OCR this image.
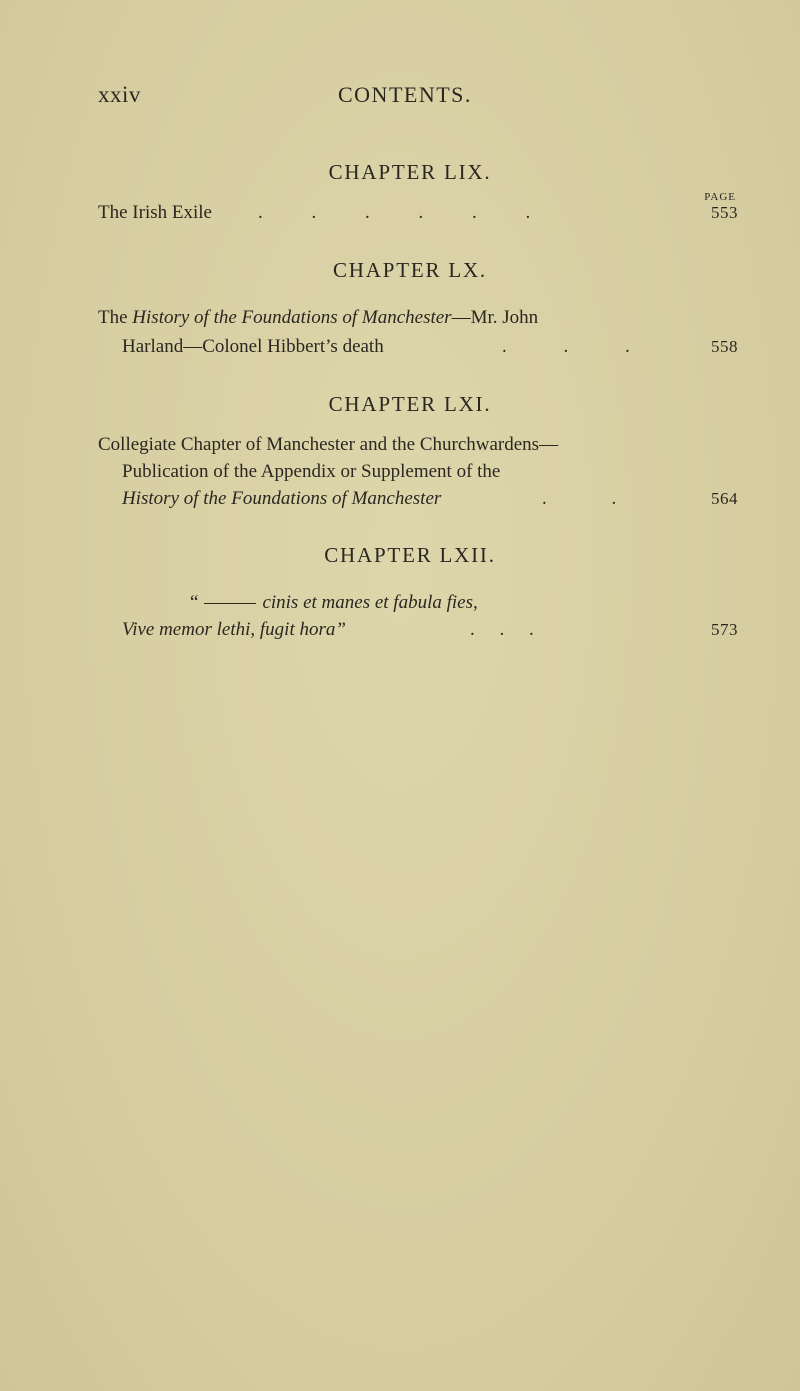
xxiv	CONTENTS.
CHAPTER LIX.
PAGE
The Irish Exile . . . . . .	553
CHAPTER LX.
The History of the Foundations of Manchester—Mr. John
Harland—Colonel Hibbert’s death	. . .	558
CHAPTER LXI.
Collegiate Chapter of Manchester and the Churchwardens—
Publication of the Appendix or Supplement of the
History of the Foundations of Manchester	. .	564
CHAPTER LXII.
“	cinis et manes et fabula fies,
Vive memor lethi, fugit hora”	. . .	573
